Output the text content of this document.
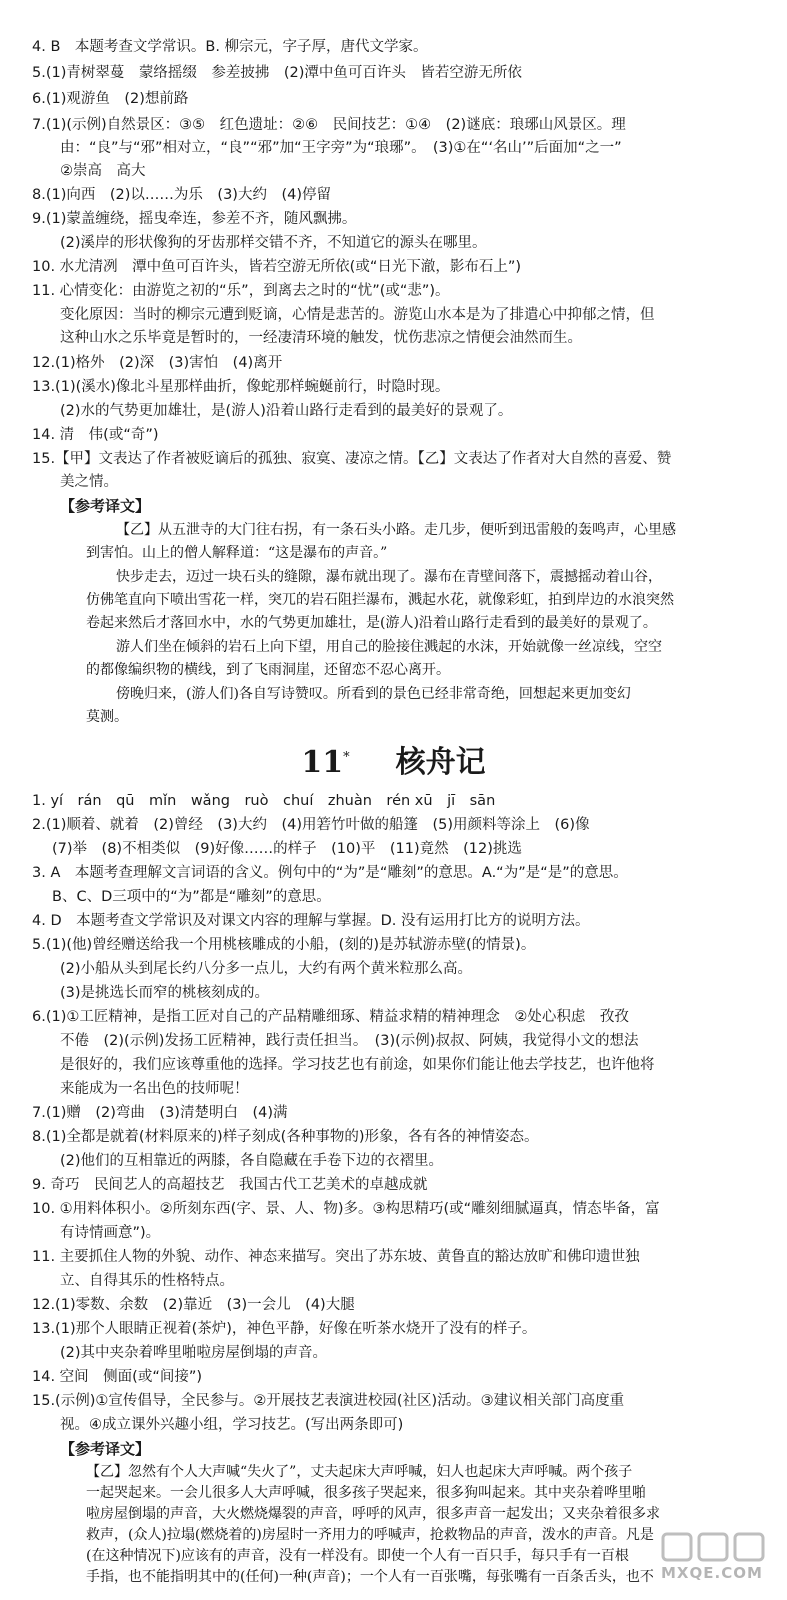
4. B　本题考查文学常识。B. 柳宗元，字子厚，唐代文学家。
5.(1)青树翠蔓　蒙络摇缀　参差披拂　(2)潭中鱼可百许头　皆若空游无所依
6.(1)观游鱼　(2)想前路
7.(1)(示例)自然景区：③⑤　红色遗址：②⑥　民间技艺：①④　(2)谜底：琅琊山风景区。理
由：“良”与“邪”相对立，“良”“邪”加“王字旁”为“琅琊”。　(3)①在“‘名山’”后面加“之一”
②崇高　高大
8.(1)向西　(2)以……为乐　(3)大约　(4)停留
9.(1)蒙盖缠绕，摇曳牵连，参差不齐，随风飘拂。
(2)溪岸的形状像狗的牙齿那样交错不齐，不知道它的源头在哪里。
10. 水尤清冽　潭中鱼可百许头，皆若空游无所依(或“日光下澈，影布石上”)
11. 心情变化：由游览之初的“乐”，到离去之时的“忧”(或“悲”)。
变化原因：当时的柳宗元遭到贬谪，心情是悲苦的。游览山水本是为了排遣心中抑郁之情，但
这种山水之乐毕竟是暂时的，一经凄清环境的触发，忧伤悲凉之情便会油然而生。
12.(1)格外　(2)深　(3)害怕　(4)离开
13.(1)(溪水)像北斗星那样曲折，像蛇那样蜿蜒前行，时隐时现。
(2)水的气势更加雄壮，是(游人)沿着山路行走看到的最美好的景观了。
14. 清　伟(或“奇”)
15.【甲】文表达了作者被贬谪后的孤独、寂寞、凄凉之情。【乙】文表达了作者对大自然的喜爱、赞
美之情。
【参考译文】
【乙】从五泄寺的大门往右拐，有一条石头小路。走几步，便听到迅雷般的轰鸣声，心里感
到害怕。山上的僧人解释道：“这是瀑布的声音。”
快步走去，迈过一块石头的缝隙，瀑布就出现了。瀑布在青壁间落下，震撼摇动着山谷，
仿佛笔直向下喷出雪花一样，突兀的岩石阻拦瀑布，溅起水花，就像彩虹，拍到岸边的水浪突然
卷起来然后才落回水中，水的气势更加雄壮，是(游人)沿着山路行走看到的最美好的景观了。
游人们坐在倾斜的岩石上向下望，用自己的脸接住溅起的水沫，开始就像一丝凉线，空空
的都像编织物的横线，到了飞雨洞崖，还留恋不忍心离开。
傍晚归来，(游人们)各自写诗赞叹。所看到的景色已经非常奇绝，回想起来更加变幻
莫测。
11* 核舟记
1. yí　rán　qū　mǐn　wǎng　ruò　chuí　zhuàn　rén xū　jī　sān
2.(1)顺着、就着　(2)曾经　(3)大约　(4)用箬竹叶做的船篷　(5)用颜料等涂上　(6)像
(7)举　(8)不相类似　(9)好像……的样子　(10)平　(11)竟然　(12)挑选
3. A　本题考查理解文言词语的含义。例句中的“为”是“雕刻”的意思。A.“为”是“是”的意思。
B、C、D三项中的“为”都是“雕刻”的意思。
4. D　本题考查文学常识及对课文内容的理解与掌握。D. 没有运用打比方的说明方法。
5.(1)(他)曾经赠送给我一个用桃核雕成的小船，(刻的)是苏轼游赤壁(的情景)。
(2)小船从头到尾长约八分多一点儿，大约有两个黄米粒那么高。
(3)是挑选长而窄的桃核刻成的。
6.(1)①工匠精神，是指工匠对自己的产品精雕细琢、精益求精的精神理念　②处心积虑　孜孜
不倦　(2)(示例)发扬工匠精神，践行责任担当。　(3)(示例)叔叔、阿姨，我觉得小文的想法
是很好的，我们应该尊重他的选择。学习技艺也有前途，如果你们能让他去学技艺，也许他将
来能成为一名出色的技师呢！
7.(1)赠　(2)弯曲　(3)清楚明白　(4)满
8.(1)全都是就着(材料原来的)样子刻成(各种事物的)形象，各有各的神情姿态。
(2)他们的互相靠近的两膝，各自隐藏在手卷下边的衣褶里。
9. 奇巧　民间艺人的高超技艺　我国古代工艺美术的卓越成就
10. ①用料体积小。②所刻东西(字、景、人、物)多。③构思精巧(或“雕刻细腻逼真，情态毕备，富
有诗情画意”)。
11. 主要抓住人物的外貌、动作、神态来描写。突出了苏东坡、黄鲁直的豁达放旷和佛印遗世独
立、自得其乐的性格特点。
12.(1)零数、余数　(2)靠近　(3)一会儿　(4)大腿
13.(1)那个人眼睛正视着(茶炉)，神色平静，好像在听茶水烧开了没有的样子。
(2)其中夹杂着哗里啪啦房屋倒塌的声音。
14. 空间　侧面(或“间接”)
15.(示例)①宣传倡导，全民参与。②开展技艺表演进校园(社区)活动。③建议相关部门高度重
视。④成立课外兴趣小组，学习技艺。(写出两条即可)
【参考译文】
【乙】忽然有个人大声喊“失火了”，丈夫起床大声呼喊，妇人也起床大声呼喊。两个孩子
一起哭起来。一会儿很多人大声呼喊，很多孩子哭起来，很多狗叫起来。其中夹杂着哗里啪
啦房屋倒塌的声音，大火燃烧爆裂的声音，呼呼的风声，很多声音一起发出；又夹杂着很多求
救声，(众人)拉塌(燃烧着的)房屋时一齐用力的呼喊声，抢救物品的声音，泼水的声音。凡是
(在这种情况下)应该有的声音，没有一样没有。即使一个人有一百只手，每只手有一百根
手指，也不能指明其中的(任何)一种(声音)；一个人有一百张嘴，每张嘴有一百条舌头，也不 MXQE.COM
